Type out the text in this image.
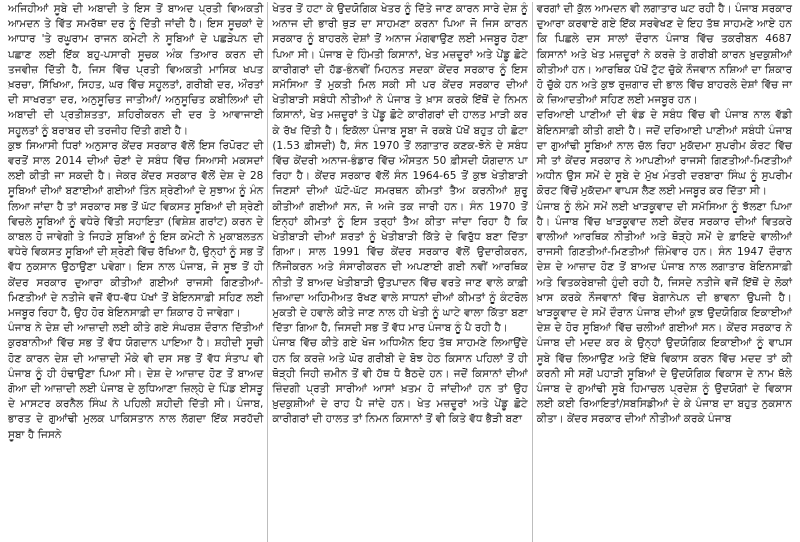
ਅਜਿਹੀਆਂ ਸੂਬੇ ਦੀ ਅਬਾਦੀ ਤੇ ਇਸ ਤੋਂ ਬਾਅਦ ਪ੍ਰਤੀ ਵਿਅਕਤੀ ਆਮਦਨ ਤੇ ਵਿੱਤ ਸਮਰੱਥਾ ਦਰ ਨੂੰ ਦਿੱਤੀ ਜਾਂਦੀ ਹੈ। ਇਸ ਸੂਚਕਾਂ ਦੇ ਆਧਾਰ 'ਤੇ ਰਘੂਰਾਮ ਰਾਜਨ ਕਮੇਟੀ ਨੇ ਸੂਬਿਆਂ ਦੇ ਪਛੜੇਪਨ ਦੀ ਪਛਾਣ ਲਈ ਇੱਕ ਬਹੁ-ਪਸਾਰੀ ਸੂਚਕ ਅੰਕ ਤਿਆਰ ਕਰਨ ਦੀ ਤਜਵੀਜ਼ ਦਿੱਤੀ ਹੈ, ਜਿਸ ਵਿੱਚ ਪ੍ਰਤੀ ਵਿਅਕਤੀ ਮਾਸਿਕ ਖਪਤ ਖ਼ਰਚਾ, ਸਿੱਖਿਆ, ਸਿਹਤ, ਘਰ ਵਿੱਚ ਸਹੂਲਤਾਂ, ਗਰੀਬੀ ਦਰ, ਔਰਤਾਂ ਦੀ ਸਾਖਰਤਾ ਦਰ, ਅਨੁਸੂਚਿਤ ਜਾਤੀਆਂ/ ਅਨੁਸੂਚਿਤ ਕਬੀਲਿਆਂ ਦੀ ਅਬਾਦੀ ਦੀ ਪ੍ਰਤੀਸ਼ਤਤਾ, ਸ਼ਹਿਰੀਕਰਨ ਦੀ ਦਰ ਤੇ ਆਵਾਜਾਈ ਸਹੂਲਤਾਂ ਨੂੰ ਬਰਾਬਰ ਦੀ ਤਰਜੀਹ ਦਿੱਤੀ ਗਈ ਹੈ।

ਕੁਝ ਸਿਆਸੀ ਧਿਰਾਂ ਅਨੁਸਾਰ ਕੇਂਦਰ ਸਰਕਾਰ ਵੱਲੋਂ ਇਸ ਰਿਪੋਰਟ ਦੀ ਵਰਤੋਂ ਸਾਲ 2014 ਦੀਆਂ ਚੋਣਾਂ ਦੇ ਸਬੰਧ ਵਿੱਚ ਸਿਆਸੀ ਮਕਸਦਾਂ ਲਈ ਕੀਤੀ ਜਾ ਸਕਦੀ ਹੈ। ਜੇਕਰ ਕੇਂਦਰ ਸਰਕਾਰ ਵੱਲੋਂ ਦੇਸ਼ ਦੇ 28 ਸੂਬਿਆਂ ਦੀਆਂ ਬਣਾਈਆਂ ਗਈਆਂ ਤਿੰਨ ਸ਼੍ਰੇਣੀਆਂ ਦੇ ਸੁਝਾਅ ਨੂੰ ਮੰਨ ਲਿਆ ਜਾਂਦਾ ਹੈ ਤਾਂ ਸਰਕਾਰ ਸਭ ਤੋਂ ਘੱਟ ਵਿਕਸਤ ਸੂਬਿਆਂ ਦੀ ਸ਼੍ਰੇਣੀ ਵਿਚਲੇ ਸੂਬਿਆਂ ਨੂੰ ਵਧੇਰੇ ਵਿੱਤੀ ਸਹਾਇਤਾ (ਵਿਸ਼ੇਸ਼ ਗਰਾਂਟ) ਕਰਨ ਦੇ ਕਾਬਲ ਹੋ ਜਾਵੇਗੀ ਤੇ ਜਿਹੜੇ ਸੂਬਿਆਂ ਨੂੰ ਇਸ ਕਮੇਟੀ ਨੇ ਮੁਕਾਬਲਤਨ ਵਧੇਰੇ ਵਿਕਸਤ ਸੂਬਿਆਂ ਦੀ ਸ਼੍ਰੇਣੀ ਵਿੱਚ ਰੱਖਿਆ ਹੈ, ਉਨ੍ਹਾਂ ਨੂੰ ਸਭ ਤੋਂ ਵੱਧ ਨੁਕਸਾਨ ਉਠਾਉਣਾ ਪਵੇਗਾ। ਇਸ ਨਾਲ ਪੰਜਾਬ, ਜੋ ਸੂਝ ਤੋਂ ਹੀ ਕੇਂਦਰ ਸਰਕਾਰ ਦੁਆਰਾ ਕੀਤੀਆਂ ਗਈਆਂ ਰਾਜਸੀ ਗਿਣਤੀਆਂ-ਮਿਣਤੀਆਂ ਦੇ ਨਤੀਜੇ ਵਜੋਂ ਵੱਧ-ਵੱਧ ਪੱਖਾਂ ਤੋਂ ਬੇਇਨਸਾਫ਼ੀ ਸਹਿਣ ਲਈ ਮਜਬੂਰ ਰਿਹਾ ਹੈ, ਉਹ ਹੋਰ ਬੇਇਨਸਾਫ਼ੀ ਦਾ ਸ਼ਿਕਾਰ ਹੋ ਜਾਵੇਗਾ।

ਪੰਜਾਬ ਨੇ ਦੇਸ਼ ਦੀ ਆਜ਼ਾਦੀ ਲਈ ਕੀਤੇ ਗਏ ਸੰਘਰਸ਼ ਦੌਰਾਨ ਦਿੱਤੀਆਂ ਕੁਰਬਾਨੀਆਂ ਵਿੱਚ ਸਭ ਤੋਂ ਵੱਧ ਯੋਗਦਾਨ ਪਾਇਆ ਹੈ। ਸ਼ਹੀਦੀ ਸੂਚੀ ਹੋਣ ਕਾਰਨ ਦੇਸ਼ ਦੀ ਆਜ਼ਾਦੀ ਮੌਕੇ ਵੀ ਦਸ ਸਭ ਤੋਂ ਵੱਧ ਸੰਤਾਪ ਵੀ ਪੰਜਾਬ ਨੂੰ ਹੀ ਹੰਢਾਉਣਾ ਪਿਆ ਸੀ। ਦੇਸ਼ ਦੇ ਆਜ਼ਾਦ ਹੋਣ ਤੋਂ ਬਾਅਦ ਗੋਆ ਦੀ ਆਜ਼ਾਦੀ ਲਈ ਪੰਜਾਬ ਦੇ ਲੁਧਿਆਣਾ ਜ਼ਿਲ੍ਹੇ ਦੇ ਪਿੰਡ ਈਸੜੂ ਦੇ ਮਾਸਟਰ ਕਰਨੈਲ ਸਿੰਘ ਨੇ ਪਹਿਲੀ ਸ਼ਹੀਦੀ ਦਿੱਤੀ ਸੀ। ਪੰਜਾਬ, ਭਾਰਤ ਦੇ ਗੁਆਂਢੀ ਮੁਲਕ ਪਾਕਿਸਤਾਨ ਨਾਲ ਲੱਗਦਾ ਇੱਕ ਸਰਹੱਦੀ ਸੂਬਾ ਹੈ ਜਿਸਨੇ

ਖੇਤਰ ਤੋਂ ਹਟਾ ਕੇ ਉਦਯੋਗਿਕ ਖੇਤਰ ਨੂੰ ਦਿੱਤੇ ਜਾਣ ਕਾਰਨ ਸਾਰੇ ਦੇਸ਼ ਨੂੰ ਅਨਾਜ ਦੀ ਭਾਰੀ ਥੁੜ ਦਾ ਸਾਹਮਣਾ ਕਰਨਾ ਪਿਆ ਜੋ ਜਿਸ ਕਾਰਨ ਸਰਕਾਰ ਨੂੰ ਬਾਹਰਲੇ ਦੇਸ਼ਾਂ ਤੋਂ ਅਨਾਜ ਮੰਗਵਾਉਣ ਲਈ ਮਜਬੂਰ ਹੋਣਾ ਪਿਆ ਸੀ। ਪੰਜਾਬ ਦੇ ਹਿੰਮਤੀ ਕਿਸਾਨਾਂ, ਖੇਤ ਮਜ਼ਦੂਰਾਂ ਅਤੇ ਪੇਂਡੂ ਛੋਟੇ ਕਾਰੀਗਰਾਂ ਦੀ ਹੱਡ-ਭੰਨਵੀਂ ਮਿਹਨਤ ਸਦਕਾ ਕੇਂਦਰ ਸਰਕਾਰ ਨੂੰ ਇਸ ਸਮੱਸਿਆ ਤੋਂ ਮੁਕਤੀ ਮਿਲ ਸਕੀ ਸੀ ਪਰ ਕੇਂਦਰ ਸਰਕਾਰ ਦੀਆਂ ਖੇਤੀਬਾੜੀ ਸਬੰਧੀ ਨੀਤੀਆਂ ਨੇ ਪੰਜਾਬ ਤੇ ਖ਼ਾਸ ਕਰਕੇ ਇੱਥੋਂ ਦੇ ਨਿਮਨ ਕਿਸਾਨਾਂ, ਖੇਤ ਮਜ਼ਦੂਰਾਂ ਤੇ ਪੇਂਡੂ ਛੋਟੇ ਕਾਰੀਗਰਾਂ ਦੀ ਹਾਲਤ ਮਾੜੀ ਕਰ ਕੇ ਰੱਖ ਦਿੱਤੀ ਹੈ। ਇਕੱਲਾ ਪੰਜਾਬ ਸੂਬਾ ਜੋ ਰਕਬੇ ਪੱਖੋਂ ਬਹੁਤ ਹੀ ਛੋਟਾ (1.53 ਫ਼ੀਸਦੀ) ਹੈ, ਸੰਨ 1970 ਤੋਂ ਲਗਾਤਾਰ ਕਣਕ-ਝੋਨੇ ਦੇ ਸਬੰਧ ਵਿੱਚ ਕੇਂਦਰੀ ਅਨਾਜ-ਭੰਡਾਰ ਵਿੱਚ ਔਸਤਨ 50 ਫ਼ੀਸਦੀ ਯੋਗਦਾਨ ਪਾ ਰਿਹਾ ਹੈ। ਕੇਂਦਰ ਸਰਕਾਰ ਵੱਲੋਂ ਸੰਨ 1964-65 ਤੋਂ ਕੁਝ ਖੇਤੀਬਾੜੀ ਜਿਣਸਾਂ ਦੀਆਂ ਘੱਟੋ-ਘੱਟ ਸਮਰਥਨ ਕੀਮਤਾਂ ਤੈਅ ਕਰਨੀਆਂ ਸ਼ੁਰੂ ਕੀਤੀਆਂ ਗਈਆਂ ਸਨ, ਜੋ ਅਜੇ ਤਕ ਜਾਰੀ ਹਨ। ਸੰਨ 1970 ਤੋਂ ਇਨ੍ਹਾਂ ਕੀਮਤਾਂ ਨੂੰ ਇਸ ਤਰ੍ਹਾਂ ਤੈਅ ਕੀਤਾ ਜਾਂਦਾ ਰਿਹਾ ਹੈ ਕਿ ਖੇਤੀਬਾੜੀ ਦੀਆਂ ਸ਼ਰਤਾਂ ਨੂੰ ਖੇਤੀਬਾੜੀ ਕਿੱਤੇ ਦੇ ਵਿਰੁੱਧ ਬਣਾ ਦਿੱਤਾ ਗਿਆ। ਸਾਲ 1991 ਵਿੱਚ ਕੇਂਦਰ ਸਰਕਾਰ ਵੱਲੋਂ ਉਦਾਰੀਕਰਨ, ਨਿੱਜੀਕਰਨ ਅਤੇ ਸੰਸਾਰੀਕਰਨ ਦੀ ਅਪਣਾਈ ਗਈ ਨਵੀਂ ਆਰਥਿਕ ਨੀਤੀ ਤੋਂ ਬਾਅਦ ਖੇਤੀਬਾੜੀ ਉਤਪਾਦਨ ਵਿੱਚ ਵਰਤੇ ਜਾਣ ਵਾਲੇ ਕਾਫ਼ੀ ਜ਼ਿਆਦਾ ਅਹਿਮੀਅਤ ਰੱਖਣ ਵਾਲੇ ਸਾਧਨਾਂ ਦੀਆਂ ਕੀਮਤਾਂ ਨੂੰ ਕੰਟਰੋਲ ਮੁਕਤੀ ਦੇ ਹਵਾਲੇ ਕੀਤੇ ਜਾਣ ਨਾਲ ਹੀ ਖੇਤੀ ਨੂੰ ਘਾਟੇ ਵਾਲਾ ਕਿੱਤਾ ਬਣਾ ਦਿੱਤਾ ਗਿਆ ਹੈ, ਜਿਸਦੀ ਸਭ ਤੋਂ ਵੱਧ ਮਾਰ ਪੰਜਾਬ ਨੂੰ ਪੈ ਰਹੀ ਹੈ।

ਪੰਜਾਬ ਵਿੱਚ ਕੀਤੇ ਗਏ ਖੋਜ ਅਧਿਐਨ ਇਹ ਤੱਥ ਸਾਹਮਣੇ ਲਿਆਉਂਦੇ ਹਨ ਕਿ ਕਰਜ਼ੇ ਅਤੇ ਘੋਰ ਗਰੀਬੀ ਦੇ ਬੋਝ ਹੇਠ ਕਿਸਾਨ ਪਹਿਲਾਂ ਤੋਂ ਹੀ ਥੋੜ੍ਹੀ ਜਿਹੀ ਜ਼ਮੀਨ ਤੋਂ ਵੀ ਹੱਥ ਧੋ ਬੈਠਦੇ ਹਨ। ਜਦੋਂ ਕਿਸਾਨਾਂ ਦੀਆਂ ਜ਼ਿੰਦਗੀ ਪ੍ਰਤੀ ਸਾਰੀਆਂ ਆਸਾਂ ਖ਼ਤਮ ਹੋ ਜਾਂਦੀਆਂ ਹਨ ਤਾਂ ਉਹ ਖ਼ੁਦਕੁਸ਼ੀਆਂ ਦੇ ਰਾਹ ਪੈ ਜਾਂਦੇ ਹਨ। ਖੇਤ ਮਜ਼ਦੂਰਾਂ ਅਤੇ ਪੇਂਡੂ ਛੋਟੇ ਕਾਰੀਗਰਾਂ ਦੀ ਹਾਲਤ ਤਾਂ ਨਿਮਨ ਕਿਸਾਨਾਂ ਤੋਂ ਵੀ ਕਿਤੇ ਵੱਧ ਭੈੜੀ ਬਣਾ

ਵਰਗਾਂ ਦੀ ਕੁੱਲ ਆਮਦਨ ਵੀ ਲਗਾਤਾਰ ਘਟ ਰਹੀ ਹੈ। ਪੰਜਾਬ ਸਰਕਾਰ ਦੁਆਰਾ ਕਰਵਾਏ ਗਏ ਇੱਕ ਸਰਵੇਖਣ ਦੇ ਇਹ ਤੱਥ ਸਾਹਮਣੇ ਆਏ ਹਨ ਕਿ ਪਿਛਲੇ ਦਸ ਸਾਲਾਂ ਦੌਰਾਨ ਪੰਜਾਬ ਵਿੱਚ ਤਕਰੀਬਨ 4687 ਕਿਸਾਨਾਂ ਅਤੇ ਖੇਤ ਮਜ਼ਦੂਰਾਂ ਨੇ ਕਰਜ਼ੇ ਤੇ ਗਰੀਬੀ ਕਾਰਨ ਖ਼ੁਦਕੁਸ਼ੀਆਂ ਕੀਤੀਆਂ ਹਨ। ਆਰਥਿਕ ਪੱਖੋਂ ਟੁੱਟ ਚੁੱਕੇ ਨੌਜਵਾਨ ਨਸ਼ਿਆਂ ਦਾ ਸ਼ਿਕਾਰ ਹੋ ਚੁੱਕੇ ਹਨ ਅਤੇ ਕੁਝ ਰੁਜ਼ਗਾਰ ਦੀ ਭਾਲ ਵਿੱਚ ਬਾਹਰਲੇ ਦੇਸ਼ਾਂ ਵਿੱਚ ਜਾ ਕੇ ਜ਼ਿਆਦਤੀਆਂ ਸਹਿਣ ਲਈ ਮਜਬੂਰ ਹਨ।

ਦਰਿਆਈ ਪਾਣੀਆਂ ਦੀ ਵੰਡ ਦੇ ਸਬੰਧ ਵਿੱਚ ਵੀ ਪੰਜਾਬ ਨਾਲ ਵੱਡੀ ਬੇਇਨਸਾਫ਼ੀ ਕੀਤੀ ਗਈ ਹੈ। ਜਦੋਂ ਦਰਿਆਈ ਪਾਣੀਆਂ ਸਬੰਧੀ ਪੰਜਾਬ ਦਾ ਗੁਆਂਢੀ ਸੂਬਿਆਂ ਨਾਲ ਚੱਲ ਰਿਹਾ ਮੁਕੱਦਮਾ ਸੁਪਰੀਮ ਕੋਰਟ ਵਿੱਚ ਸੀ ਤਾਂ ਕੇਂਦਰ ਸਰਕਾਰ ਨੇ ਆਪਣੀਆਂ ਰਾਜਸੀ ਗਿਣਤੀਆਂ-ਮਿਣਤੀਆਂ ਅਧੀਨ ਉਸ ਸਮੇਂ ਦੇ ਸੂਬੇ ਦੇ ਮੁੱਖ ਮੰਤਰੀ ਦਰਬਾਰਾ ਸਿੰਘ ਨੂੰ ਸੁਪਰੀਮ ਕੋਰਟ ਵਿੱਚੋਂ ਮੁਕੱਦਮਾ ਵਾਪਸ ਲੈਣ ਲਈ ਮਜਬੂਰ ਕਰ ਦਿੱਤਾ ਸੀ।

ਪੰਜਾਬ ਨੂੰ ਲੰਮੇ ਸਮੇਂ ਲਈ ਖਾੜਕੂਵਾਦ ਦੀ ਸਮੱਸਿਆ ਨੂੰ ਝੱਲਣਾ ਪਿਆ ਹੈ। ਪੰਜਾਬ ਵਿੱਚ ਖਾੜਕੂਵਾਦ ਲਈ ਕੇਂਦਰ ਸਰਕਾਰ ਦੀਆਂ ਵਿਤਕਰੇ ਵਾਲੀਆਂ ਆਰਥਿਕ ਨੀਤੀਆਂ ਅਤੇ ਥੋੜ੍ਹੇ ਸਮੇਂ ਦੇ ਫ਼ਾਇਦੇ ਵਾਲੀਆਂ ਰਾਜਸੀ ਗਿਣਤੀਆਂ-ਮਿਣਤੀਆਂ ਜ਼ਿੰਮੇਵਾਰ ਹਨ। ਸੰਨ 1947 ਦੌਰਾਨ ਦੇਸ਼ ਦੇ ਆਜ਼ਾਦ ਹੋਣ ਤੋਂ ਬਾਅਦ ਪੰਜਾਬ ਨਾਲ ਲਗਾਤਾਰ ਬੇਇਨਸਾਫ਼ੀ ਅਤੇ ਵਿਤਕਰੇਬਾਜ਼ੀ ਹੁੰਦੀ ਰਹੀ ਹੈ, ਜਿਸਦੇ ਨਤੀਜੇ ਵਜੋਂ ਇੱਥੋਂ ਦੇ ਲੋਕਾਂ ਖ਼ਾਸ ਕਰਕੇ ਨੌਜਵਾਨਾਂ ਵਿੱਚ ਬੇਗਾਨੇਪਨ ਦੀ ਭਾਵਨਾ ਉਪਜੀ ਹੈ। ਖਾੜਕੂਵਾਦ ਦੇ ਸਮੇਂ ਦੌਰਾਨ ਪੰਜਾਬ ਦੀਆਂ ਕੁਝ ਉਦਯੋਗਿਕ ਇਕਾਈਆਂ ਦੇਸ਼ ਦੇ ਹੋਰ ਸੂਬਿਆਂ ਵਿੱਚ ਚਲੀਆਂ ਗਈਆਂ ਸਨ। ਕੇਂਦਰ ਸਰਕਾਰ ਨੇ ਪੰਜਾਬ ਦੀ ਮਦਦ ਕਰ ਕੇ ਉਨ੍ਹਾਂ ਉਦਯੋਗਿਕ ਇਕਾਈਆਂ ਨੂੰ ਵਾਪਸ ਸੂਬੇ ਵਿੱਚ ਲਿਆਉਣ ਅਤੇ ਇੱਥੇ ਵਿਕਾਸ ਕਰਨ ਵਿੱਚ ਮਦਦ ਤਾਂ ਕੀ ਕਰਨੀ ਸੀ ਸਗੋਂ ਪਹਾੜੀ ਸੂਬਿਆਂ ਦੇ ਉਦਯੋਗਿਕ ਵਿਕਾਸ ਦੇ ਨਾਮ ਥੱਲੇ ਪੰਜਾਬ ਦੇ ਗੁਆਂਢੀ ਸੂਬੇ ਹਿਮਾਚਲ ਪ੍ਰਦੇਸ਼ ਨੂੰ ਉਦਯੋਗਾਂ ਦੇ ਵਿਕਾਸ ਲਈ ਕਈ ਰਿਆਇਤਾਂ/ਸਬਸਿਡੀਆਂ ਦੇ ਕੇ ਪੰਜਾਬ ਦਾ ਬਹੁਤ ਨੁਕਸਾਨ ਕੀਤਾ। ਕੇਂਦਰ ਸਰਕਾਰ ਦੀਆਂ ਨੀਤੀਆਂ ਕਰਕੇ ਪੰਜਾਬ
